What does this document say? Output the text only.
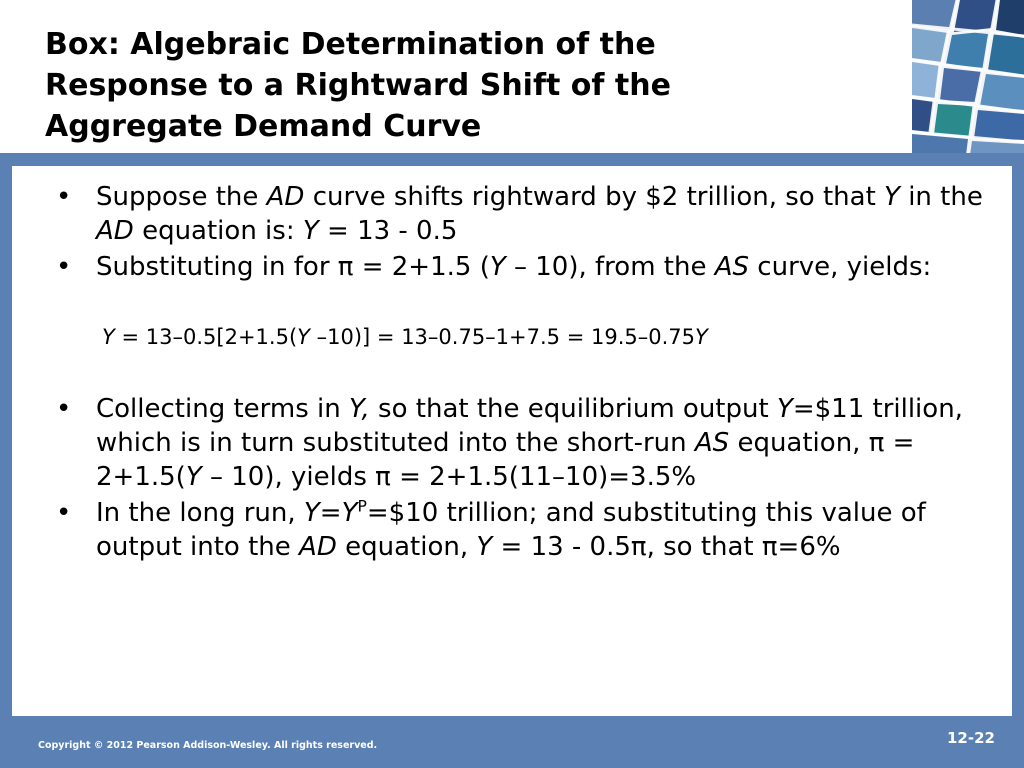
Box: Algebraic Determination of the
Response to a Rightward Shift of the
Aggregate Demand Curve
• Suppose the AD curve shifts rightward by $2 trillion, so that Y in the AD equation is: Y = 13 - 0.5
• Substituting in for π = 2+1.5 (Y – 10), from the AS curve, yields:
Y = 13–0.5[2+1.5(Y –10)] = 13–0.75–1+7.5 = 19.5–0.75Y
• Collecting terms in Y, so that the equilibrium output Y=$11 trillion, which is in turn substituted into the short-run AS equation, π = 2+1.5(Y – 10), yields π = 2+1.5(11–10)=3.5%
• In the long run, $Y=Y^P=\$10$ trillion; and substituting this value of output into the AD equation, Y = 13 - 0.5π, so that π=6%
12-22
Copyright © 2012 Pearson Addison-Wesley. All rights reserved.
